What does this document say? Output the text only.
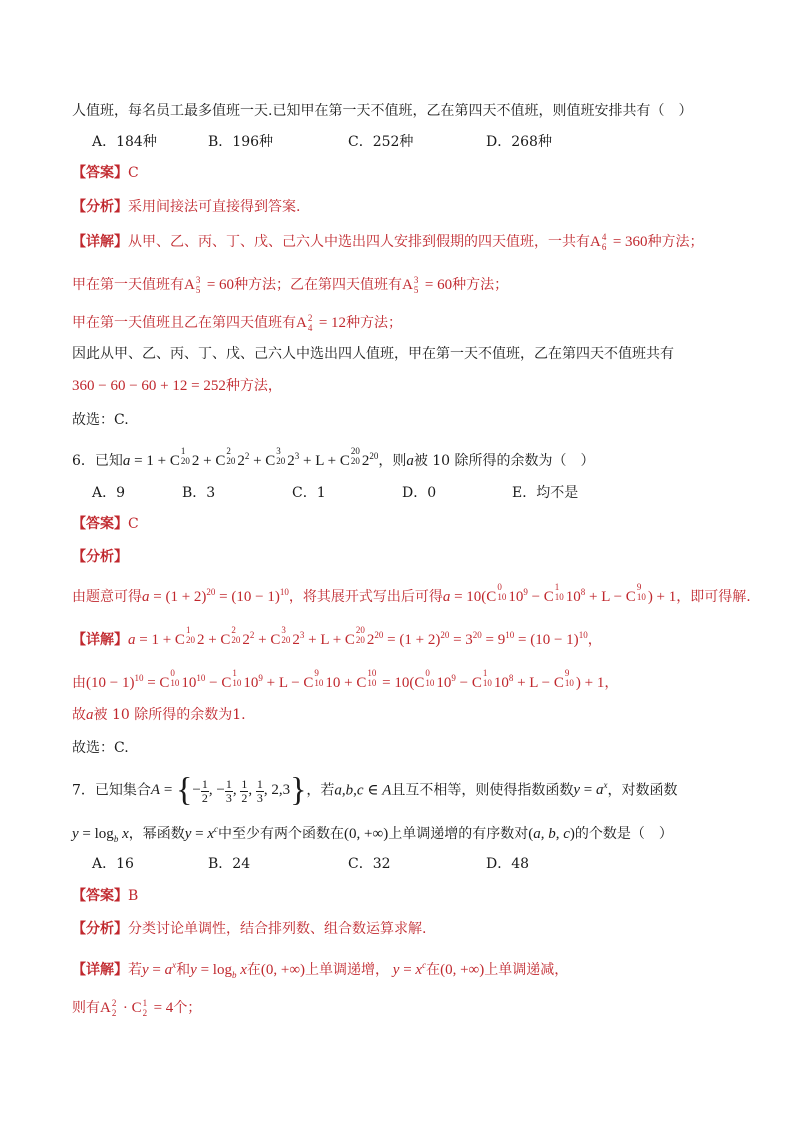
人值班，每名员工最多值班一天.已知甲在第一天不值班，乙在第四天不值班，则值班安排共有（　）
A．184种	B．196种	C．252种	D．268种
【答案】C
【分析】采用间接法可直接得到答案.
【详解】从甲、乙、丙、丁、戊、己六人中选出四人安排到假期的四天值班，一共有A 4
6 = 360种方法；
甲在第一天值班有A 3
5 = 60种方法；乙在第四天值班有A 3
5 = 60种方法；
甲在第一天值班且乙在第四天值班有A 2
4 = 12种方法；
因此从甲、乙、丙、丁、戊、己六人中选出四人值班，甲在第一天不值班，乙在第四天不值班共有
360 − 60 − 60 + 12 = 252种方法，
故选：C.
6．已知a = 1 + C
1
20 2 + C
2
20 $2^2 + C$
3
20 $2^3 + L + C$
20
20 $2^{20}$，则a被 10 除所得的余数为（　）
A．9	B．3	C．1	D．0	E．均不是
【答案】C
【分析】
由题意可得$a = (1 + 2)^{20} = (10 - 1)^{10}$，将其展开式写出后可得a = 10(C
0
10 $10^9 - C$
1
10 $10^8 + L - C$
9
10 ) + 1，即可得解.
【详解】a = 1 + C
1
20 2 + C
2
20 $2^2 + C$
3
20 $2^3 + L + C$
20
20 $2^{20} = (1 + 2)^{20} = 3^{20} = 9^{10} = (10 - 1)^{10}$，
由$(10 - 1)^{10} = C$
0
10 $10^{10} - C$
1
10 $10^9 + L - C$
9
10 10 + C
10
10 = 10(C
0
10 $10^9 - C$
1
10 $10^8 + L - C$
9
10 ) + 1，
故a被 10 除所得的余数为1.
故选：C.
7．已知集合A = {− $\frac{1}{2}$ , − $\frac{1}{3}$ , $\frac{1}{2}$ , $\frac{1}{3}$ , 2,3}，若a,b,c ∈ A且互不相等，则使得指数函数$y = a^x$，对数函数
$y = \log_b x$，幂函数$y = x^c$中至少有两个函数在(0, +∞)上单调递增的有序数对(a, b, c)的个数是（　）
A．16	B．24	C．32	D．48
【答案】B
【分析】分类讨论单调性，结合排列数、组合数运算求解.
【详解】若$y = a^x$和$y = \log_b x$在(0, +∞)上单调递增， $y = x^c$在(0, +∞)上单调递减，
则有A 2
2 · C 1
2 = 4个；
